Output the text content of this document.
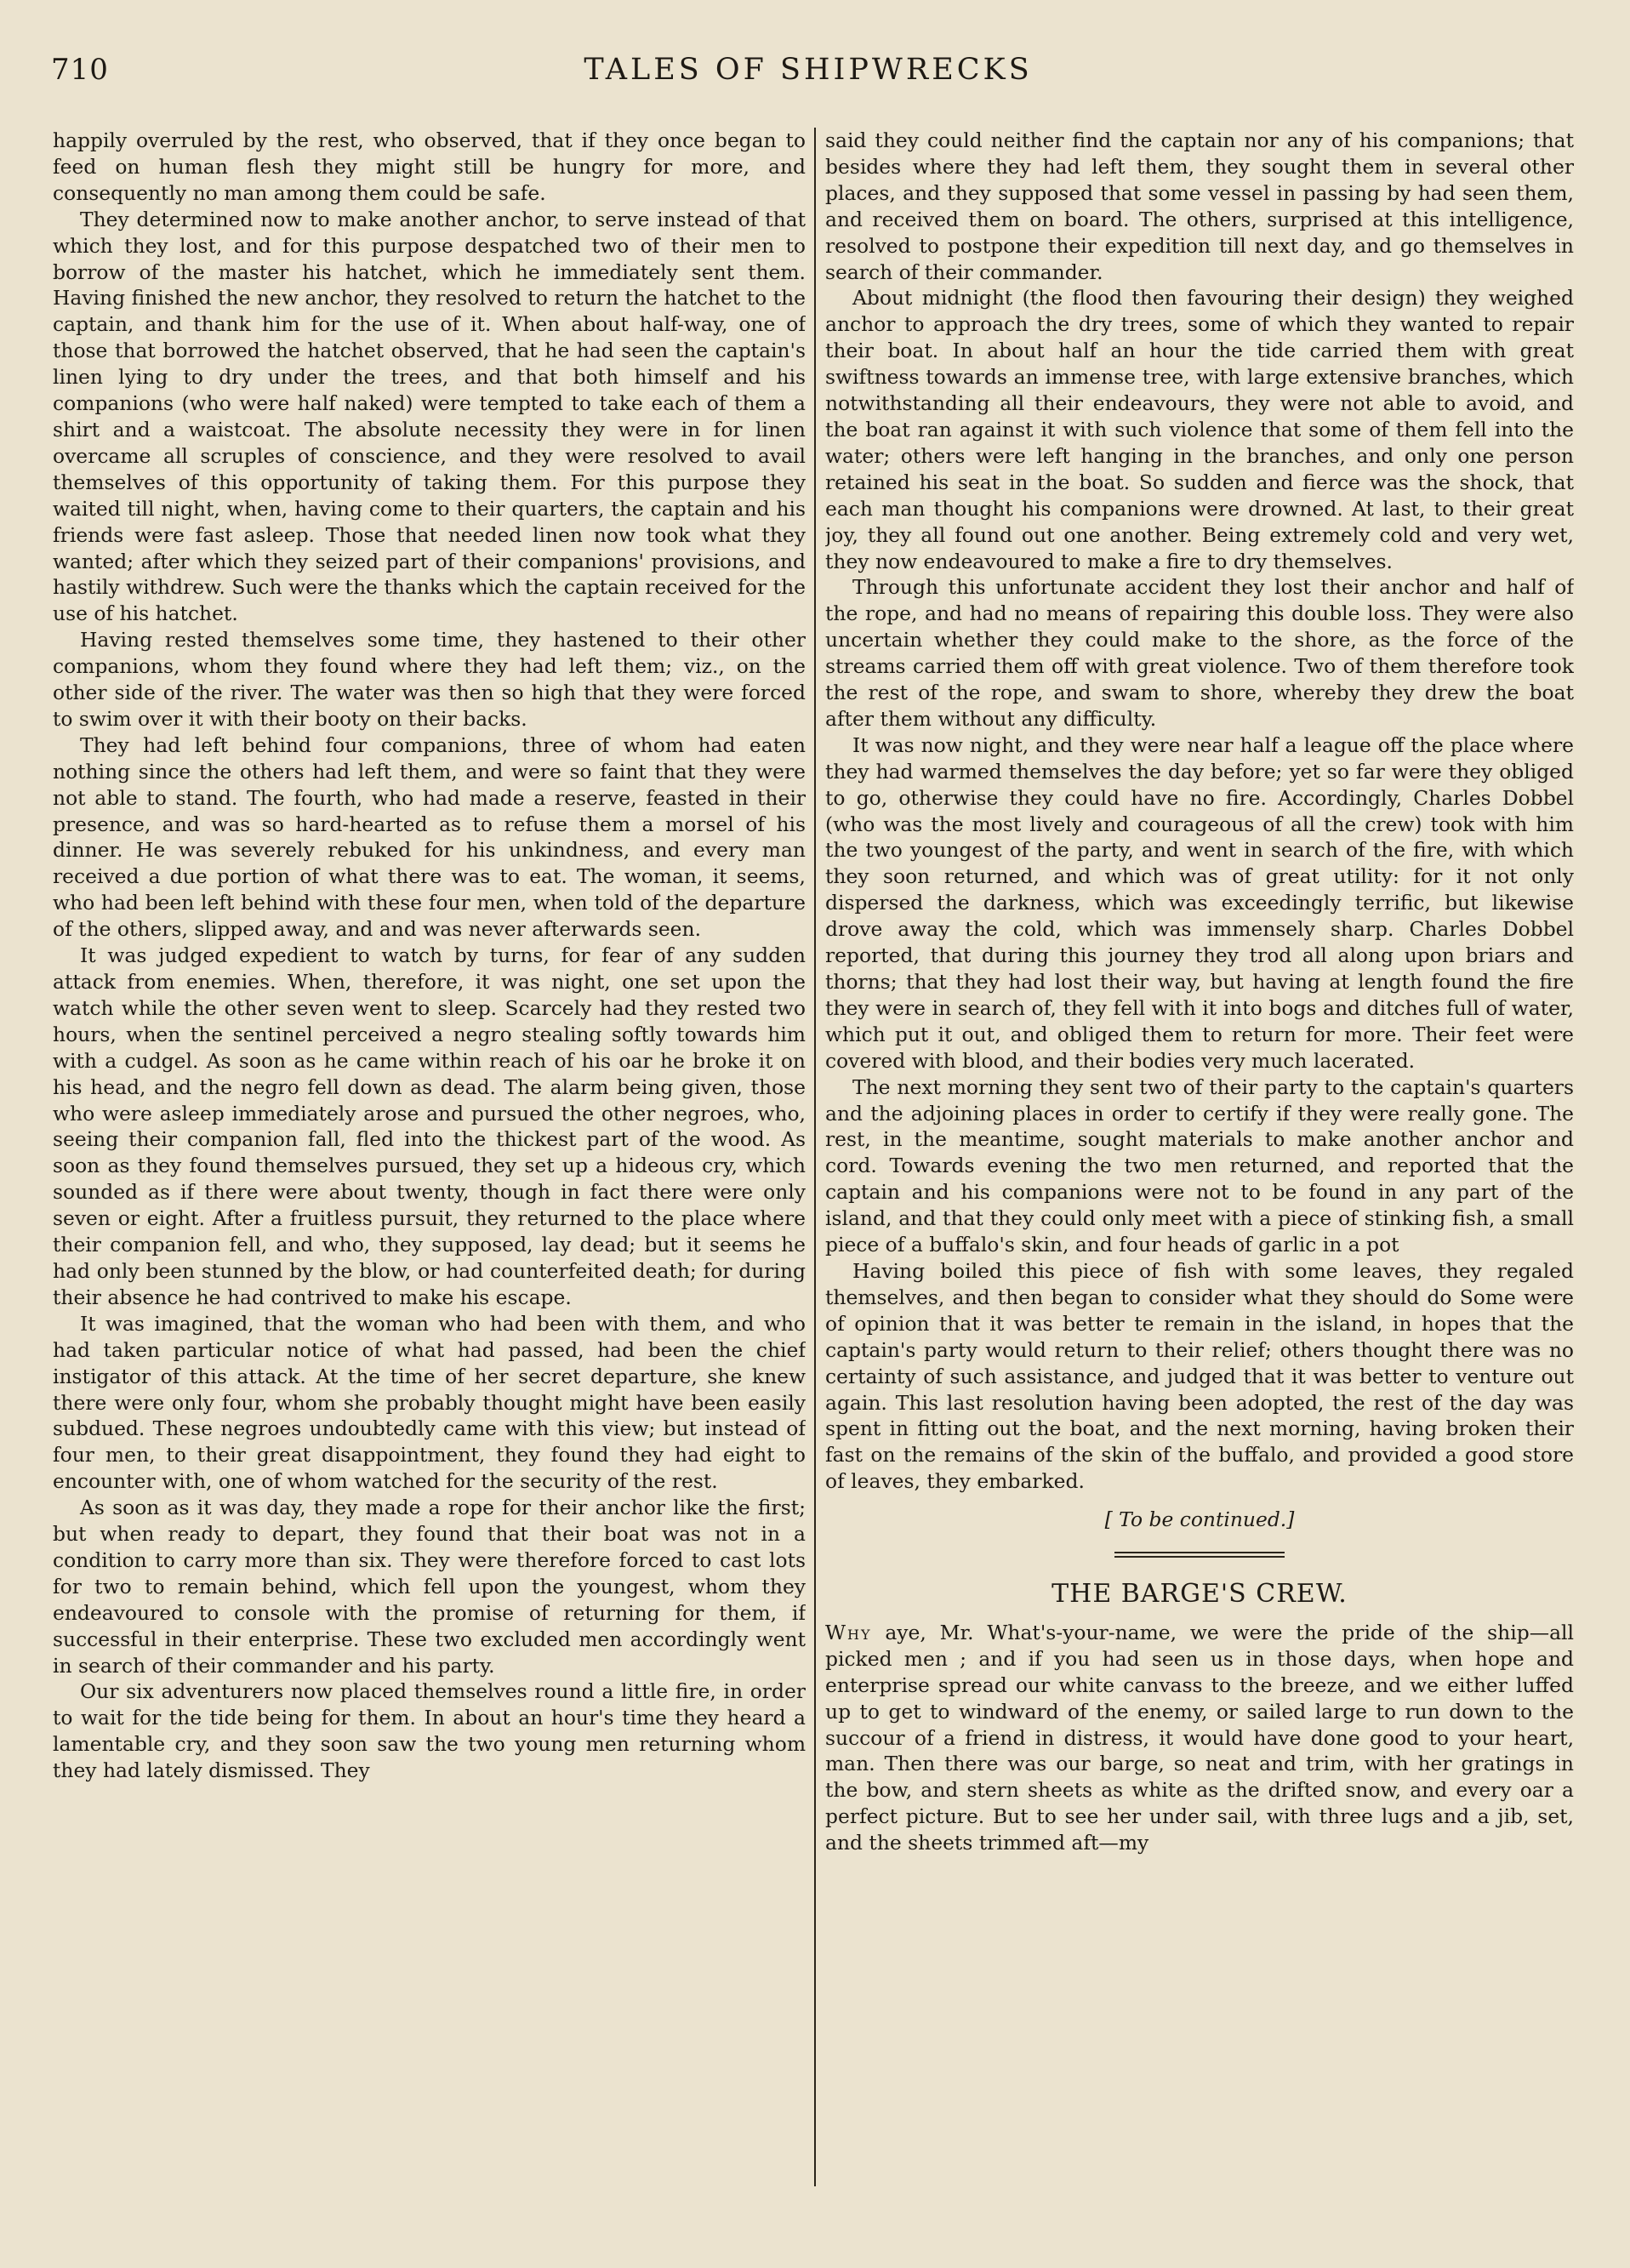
710	TALES OF SHIPWRECKS

happily overruled by the rest, who observed, that if they once began to feed on human flesh they might still be hungry for more, and consequently no man among them could be safe.

They determined now to make another anchor, to serve instead of that which they lost, and for this purpose despatched two of their men to borrow of the master his hatchet, which he immediately sent them. Having finished the new anchor, they resolved to return the hatchet to the captain, and thank him for the use of it. When about half-way, one of those that borrowed the hatchet observed, that he had seen the captain's linen lying to dry under the trees, and that both himself and his companions (who were half naked) were tempted to take each of them a shirt and a waistcoat. The absolute necessity they were in for linen overcame all scruples of conscience, and they were resolved to avail themselves of this opportunity of taking them. For this purpose they waited till night, when, having come to their quarters, the captain and his friends were fast asleep. Those that needed linen now took what they wanted; after which they seized part of their companions' provisions, and hastily withdrew. Such were the thanks which the captain received for the use of his hatchet.

Having rested themselves some time, they hastened to their other companions, whom they found where they had left them; viz., on the other side of the river. The water was then so high that they were forced to swim over it with their booty on their backs.

They had left behind four companions, three of whom had eaten nothing since the others had left them, and were so faint that they were not able to stand. The fourth, who had made a reserve, feasted in their presence, and was so hard-hearted as to refuse them a morsel of his dinner. He was severely rebuked for his unkindness, and every man received a due portion of what there was to eat. The woman, it seems, who had been left behind with these four men, when told of the departure of the others, slipped away, and and was never afterwards seen.

It was judged expedient to watch by turns, for fear of any sudden attack from enemies. When, therefore, it was night, one set upon the watch while the other seven went to sleep. Scarcely had they rested two hours, when the sentinel perceived a negro stealing softly towards him with a cudgel. As soon as he came within reach of his oar he broke it on his head, and the negro fell down as dead. The alarm being given, those who were asleep immediately arose and pursued the other negroes, who, seeing their companion fall, fled into the thickest part of the wood. As soon as they found themselves pursued, they set up a hideous cry, which sounded as if there were about twenty, though in fact there were only seven or eight. After a fruitless pursuit, they returned to the place where their companion fell, and who, they supposed, lay dead; but it seems he had only been stunned by the blow, or had counterfeited death; for during their absence he had contrived to make his escape.

It was imagined, that the woman who had been with them, and who had taken particular notice of what had passed, had been the chief instigator of this attack. At the time of her secret departure, she knew there were only four, whom she probably thought might have been easily subdued. These negroes undoubtedly came with this view; but instead of four men, to their great disappointment, they found they had eight to encounter with, one of whom watched for the security of the rest.

As soon as it was day, they made a rope for their anchor like the first; but when ready to depart, they found that their boat was not in a condition to carry more than six. They were therefore forced to cast lots for two to remain behind, which fell upon the youngest, whom they endeavoured to console with the promise of returning for them, if successful in their enterprise. These two excluded men accordingly went in search of their commander and his party.

Our six adventurers now placed themselves round a little fire, in order to wait for the tide being for them. In about an hour's time they heard a lamentable cry, and they soon saw the two young men returning whom they had lately dismissed. They

said they could neither find the captain nor any of his companions; that besides where they had left them, they sought them in several other places, and they supposed that some vessel in passing by had seen them, and received them on board. The others, surprised at this intelligence, resolved to postpone their expedition till next day, and go themselves in search of their commander.

About midnight (the flood then favouring their design) they weighed anchor to approach the dry trees, some of which they wanted to repair their boat. In about half an hour the tide carried them with great swiftness towards an immense tree, with large extensive branches, which notwithstanding all their endeavours, they were not able to avoid, and the boat ran against it with such violence that some of them fell into the water; others were left hanging in the branches, and only one person retained his seat in the boat. So sudden and fierce was the shock, that each man thought his companions were drowned. At last, to their great joy, they all found out one another. Being extremely cold and very wet, they now endeavoured to make a fire to dry themselves.

Through this unfortunate accident they lost their anchor and half of the rope, and had no means of repairing this double loss. They were also uncertain whether they could make to the shore, as the force of the streams carried them off with great violence. Two of them therefore took the rest of the rope, and swam to shore, whereby they drew the boat after them without any difficulty.

It was now night, and they were near half a league off the place where they had warmed themselves the day before; yet so far were they obliged to go, otherwise they could have no fire. Accordingly, Charles Dobbel (who was the most lively and courageous of all the crew) took with him the two youngest of the party, and went in search of the fire, with which they soon returned, and which was of great utility: for it not only dispersed the darkness, which was exceedingly terrific, but likewise drove away the cold, which was immensely sharp. Charles Dobbel reported, that during this journey they trod all along upon briars and thorns; that they had lost their way, but having at length found the fire they were in search of, they fell with it into bogs and ditches full of water, which put it out, and obliged them to return for more. Their feet were covered with blood, and their bodies very much lacerated.

The next morning they sent two of their party to the captain's quarters and the adjoining places in order to certify if they were really gone. The rest, in the meantime, sought materials to make another anchor and cord. Towards evening the two men returned, and reported that the captain and his companions were not to be found in any part of the island, and that they could only meet with a piece of stinking fish, a small piece of a buffalo's skin, and four heads of garlic in a pot

Having boiled this piece of fish with some leaves, they regaled themselves, and then began to consider what they should do Some were of opinion that it was better te remain in the island, in hopes that the captain's party would return to their relief; others thought there was no certainty of such assistance, and judged that it was better to venture out again. This last resolution having been adopted, the rest of the day was spent in fitting out the boat, and the next morning, having broken their fast on the remains of the skin of the buffalo, and provided a good store of leaves, they embarked.

[ To be continued.]
THE BARGE'S CREW.

Why aye, Mr. What's-your-name, we were the pride of the ship—all picked men ; and if you had seen us in those days, when hope and enterprise spread our white canvass to the breeze, and we either luffed up to get to windward of the enemy, or sailed large to run down to the succour of a friend in distress, it would have done good to your heart, man. Then there was our barge, so neat and trim, with her gratings in the bow, and stern sheets as white as the drifted snow, and every oar a perfect picture. But to see her under sail, with three lugs and a jib, set, and the sheets trimmed aft—my
